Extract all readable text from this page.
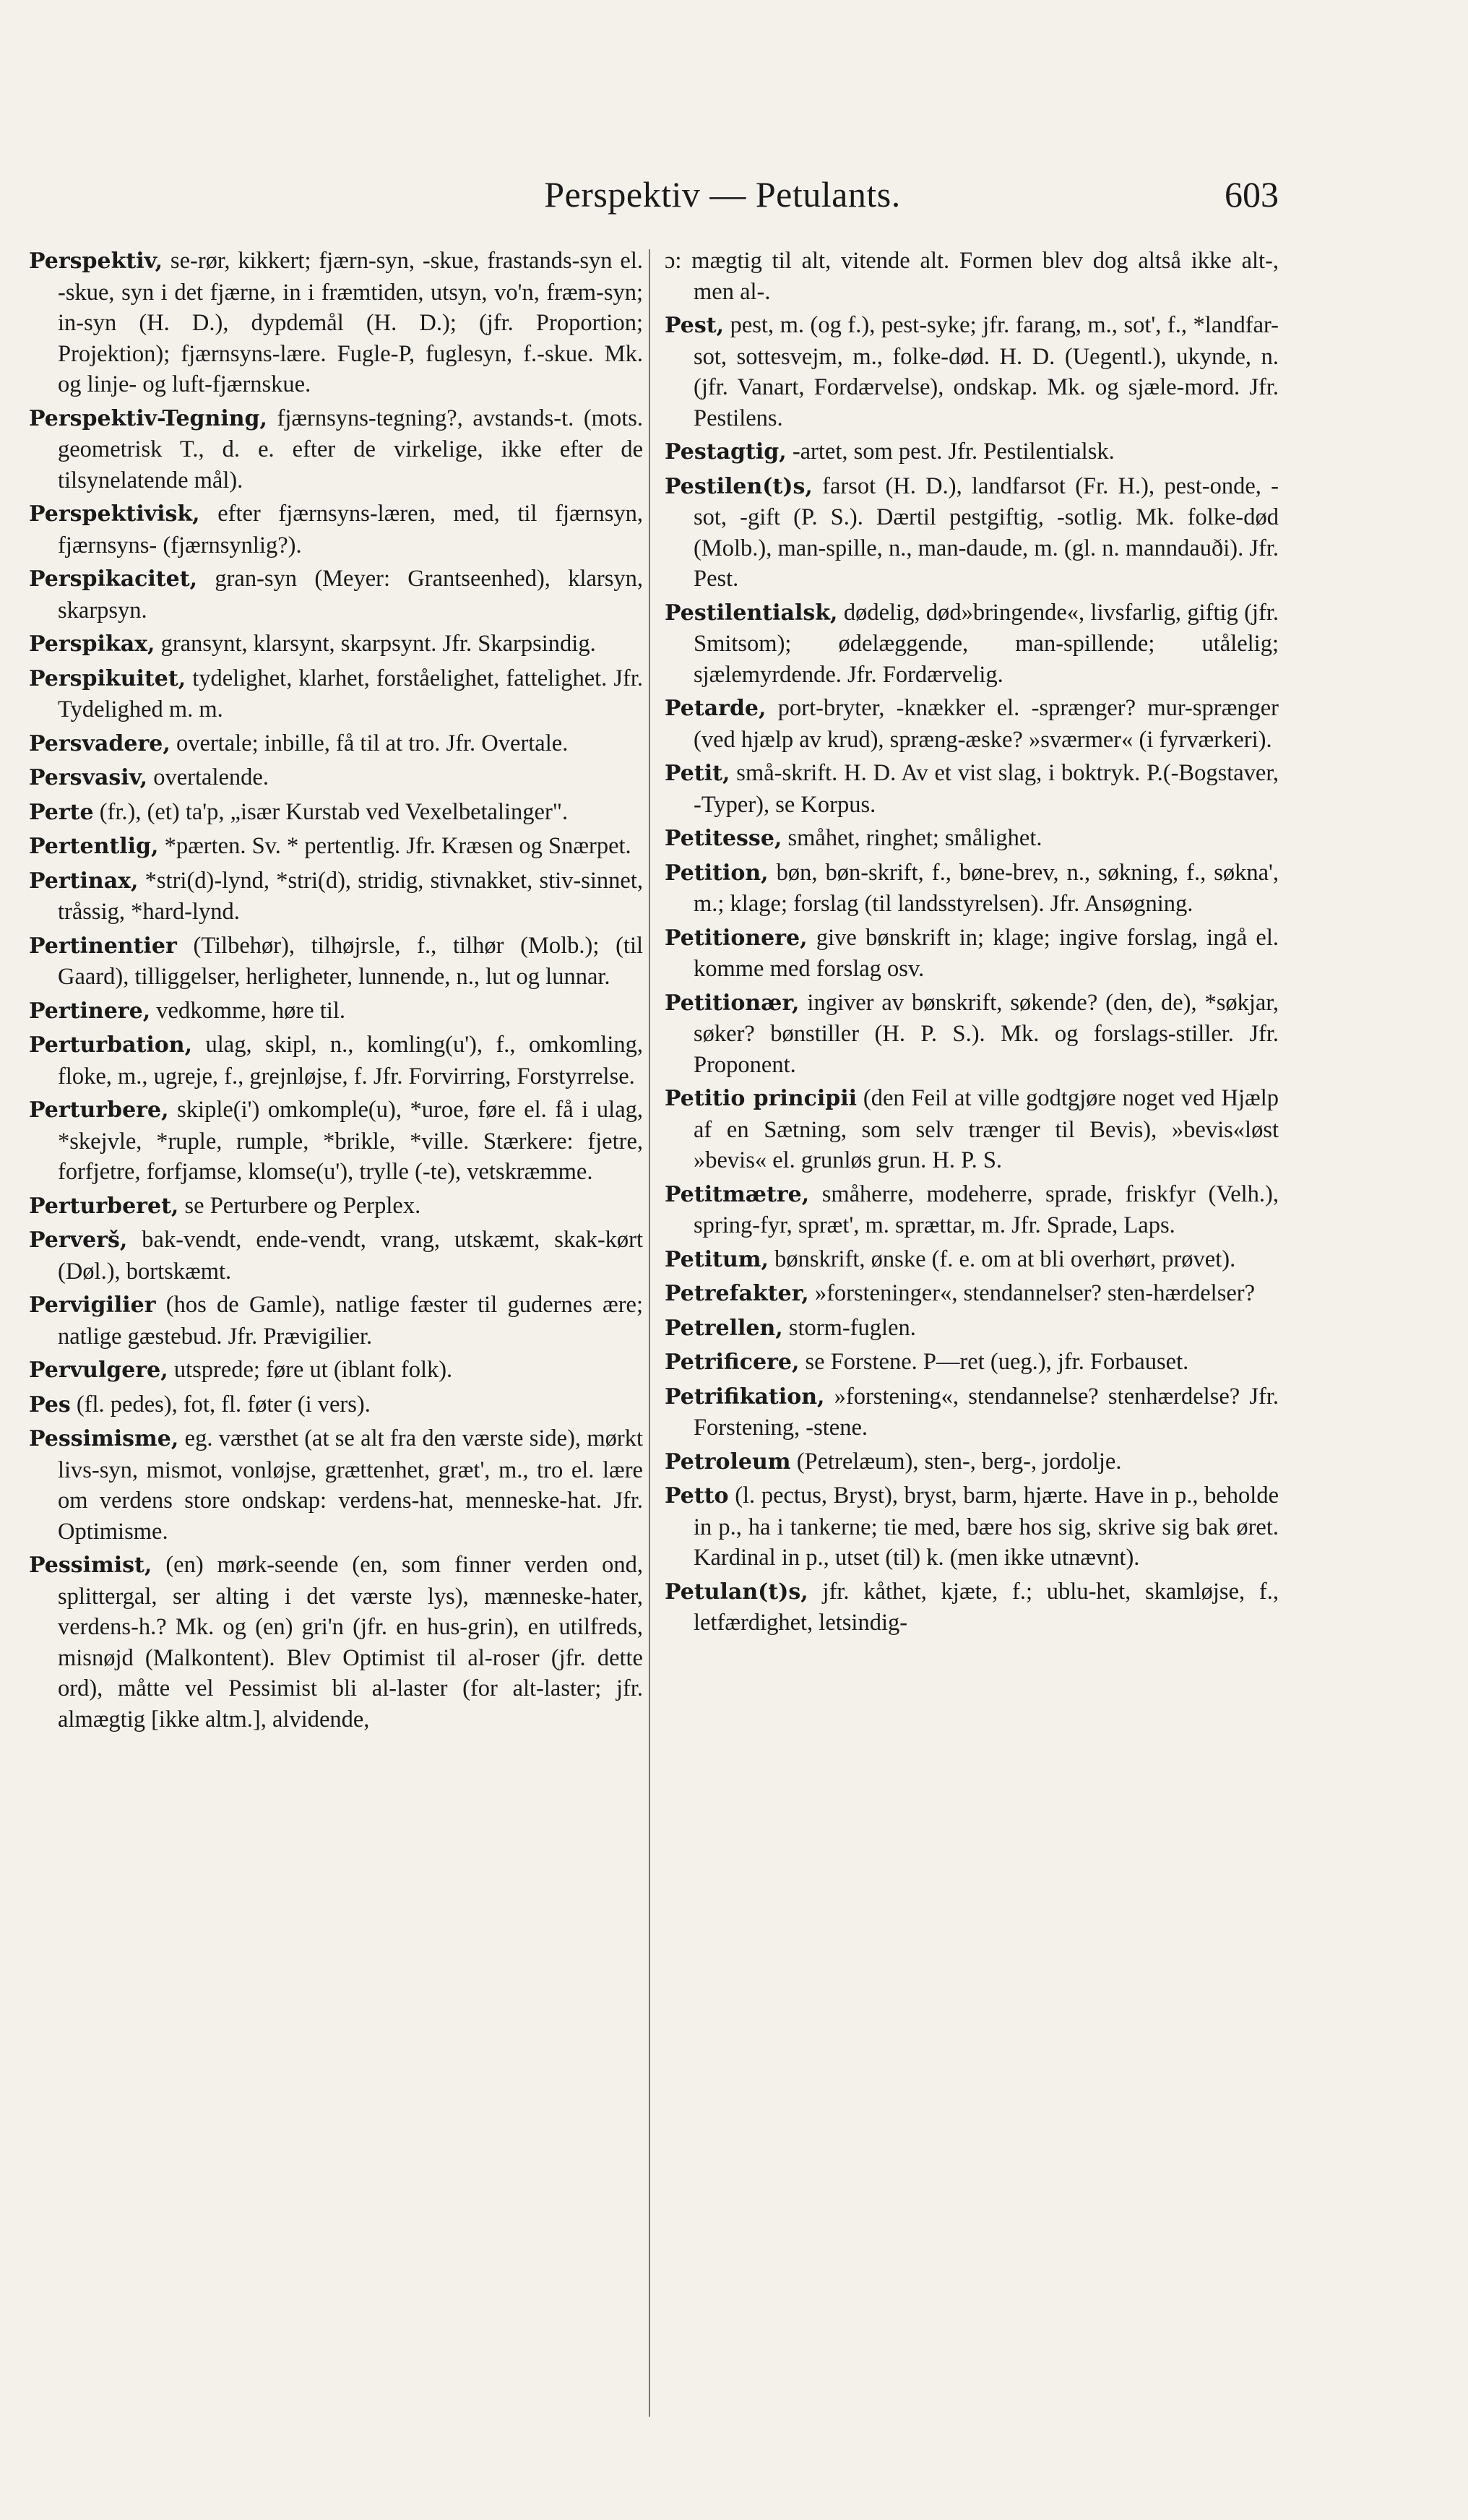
Perspektiv — Petulants.	603

Perspektiv, se-rør, kikkert; fjærn-syn, -skue, frastands-syn el. -skue, syn i det fjærne, in i fræmtiden, utsyn, vo'n, fræm-syn; in-syn (H. D.), dypdemål (H. D.); (jfr. Proportion; Projektion); fjærnsyns-lære. Fugle-P, fuglesyn, f.-skue. Mk. og linje- og luft-fjærnskue.

Perspektiv-Tegning, fjærnsyns-tegning?, avstands-t. (mots. geometrisk T., d. e. efter de virkelige, ikke efter de tilsynelatende mål).

Perspektivisk, efter fjærnsyns-læren, med, til fjærnsyn, fjærnsyns- (fjærnsynlig?).

Perspikacitet, gran-syn (Meyer: Grantseenhed), klarsyn, skarpsyn.

Perspikax, gransynt, klarsynt, skarpsynt. Jfr. Skarpsindig.

Perspikuitet, tydelighet, klarhet, forståelighet, fattelighet. Jfr. Tydelighed m. m.

Persvadere, overtale; inbille, få til at tro. Jfr. Overtale.

Persvasiv, overtalende.

Perte (fr.), (et) ta'p, „især Kurstab ved Vexelbetalinger".

Pertentlig, *pærten. Sv. * pertentlig. Jfr. Kræsen og Snærpet.

Pertinax, *stri(d)-lynd, *stri(d), stridig, stivnakket, stiv-sinnet, tråssig, *hard-lynd.

Pertinentier (Tilbehør), tilhøjrsle, f., tilhør (Molb.); (til Gaard), tilliggelser, herligheter, lunnende, n., lut og lunnar.

Pertinere, vedkomme, høre til.

Perturbation, ulag, skipl, n., komling(u'), f., omkomling, floke, m., ugreje, f., grejnløjse, f. Jfr. Forvirring, Forstyrrelse.

Perturbere, skiple(i') omkomple(u), *uroe, føre el. få i ulag, *skejvle, *ruple, rumple, *brikle, *ville. Stærkere: fjetre, forfjetre, forfjamse, klomse(u'), trylle (-te), vetskræmme.

Perturberet, se Perturbere og Perplex.

Perverš, bak-vendt, ende-vendt, vrang, utskæmt, skak-kørt (Døl.), bortskæmt.

Pervigilier (hos de Gamle), natlige fæster til gudernes ære; natlige gæstebud. Jfr. Prævigilier.

Pervulgere, utsprede; føre ut (iblant folk).

Pes (fl. pedes), fot, fl. føter (i vers).

Pessimisme, eg. værsthet (at se alt fra den værste side), mørkt livs-syn, mismot, vonløjse, grættenhet, græt', m., tro el. lære om verdens store ondskap: verdens-hat, menneske-hat. Jfr. Optimisme.

Pessimist, (en) mørk-seende (en, som finner verden ond, splittergal, ser alting i det værste lys), mænneske-hater, verdens-h.? Mk. og (en) gri'n (jfr. en hus-grin), en utilfreds, misnøjd (Malkontent). Blev Optimist til al-roser (jfr. dette ord), måtte vel Pessimist bli al-laster (for alt-laster; jfr. almægtig [ikke altm.], alvidende,

ɔ: mægtig til alt, vitende alt. Formen blev dog altså ikke alt-, men al-.

Pest, pest, m. (og f.), pest-syke; jfr. farang, m., sot', f., *landfar-sot, sottesvejm, m., folke-død. H. D. (Uegentl.), ukynde, n. (jfr. Vanart, Fordærvelse), ondskap. Mk. og sjæle-mord. Jfr. Pestilens.

Pestagtig, -artet, som pest. Jfr. Pestilentialsk.

Pestilen(t)s, farsot (H. D.), landfarsot (Fr. H.), pest-onde, -sot, -gift (P. S.). Dærtil pestgiftig, -sotlig. Mk. folke-død (Molb.), man-spille, n., man-daude, m. (gl. n. manndauði). Jfr. Pest.

Pestilentialsk, dødelig, død»bringende«, livsfarlig, giftig (jfr. Smitsom); ødelæggende, man-spillende; utålelig; sjælemyrdende. Jfr. Fordærvelig.

Petarde, port-bryter, -knækker el. -sprænger? mur-sprænger (ved hjælp av krud), spræng-æske? »sværmer« (i fyrværkeri).

Petit, små-skrift. H. D. Av et vist slag, i boktryk. P.(-Bogstaver, -Typer), se Korpus.

Petitesse, småhet, ringhet; smålighet.

Petition, bøn, bøn-skrift, f., bøne-brev, n., søkning, f., søkna', m.; klage; forslag (til landsstyrelsen). Jfr. Ansøgning.

Petitionere, give bønskrift in; klage; ingive forslag, ingå el. komme med forslag osv.

Petitionær, ingiver av bønskrift, søkende? (den, de), *søkjar, søker? bønstiller (H. P. S.). Mk. og forslags-stiller. Jfr. Proponent.

Petitio principii (den Feil at ville godtgjøre noget ved Hjælp af en Sætning, som selv trænger til Bevis), »bevis«løst »bevis« el. grunløs grun. H. P. S.

Petitmætre, småherre, modeherre, sprade, friskfyr (Velh.), spring-fyr, spræt', m. sprættar, m. Jfr. Sprade, Laps.

Petitum, bønskrift, ønske (f. e. om at bli overhørt, prøvet).

Petrefakter, »forsteninger«, stendannelser? sten-hærdelser?

Petrellen, storm-fuglen.

Petrificere, se Forstene. P—ret (ueg.), jfr. Forbauset.

Petrifikation, »forstening«, stendannelse? stenhærdelse? Jfr. Forstening, -stene.

Petroleum (Petrelæum), sten-, berg-, jordolje.

Petto (l. pectus, Bryst), bryst, barm, hjærte. Have in p., beholde in p., ha i tankerne; tie med, bære hos sig, skrive sig bak øret. Kardinal in p., utset (til) k. (men ikke utnævnt).

Petulan(t)s, jfr. kåthet, kjæte, f.; ublu-het, skamløjse, f., letfærdighet, letsindig-
